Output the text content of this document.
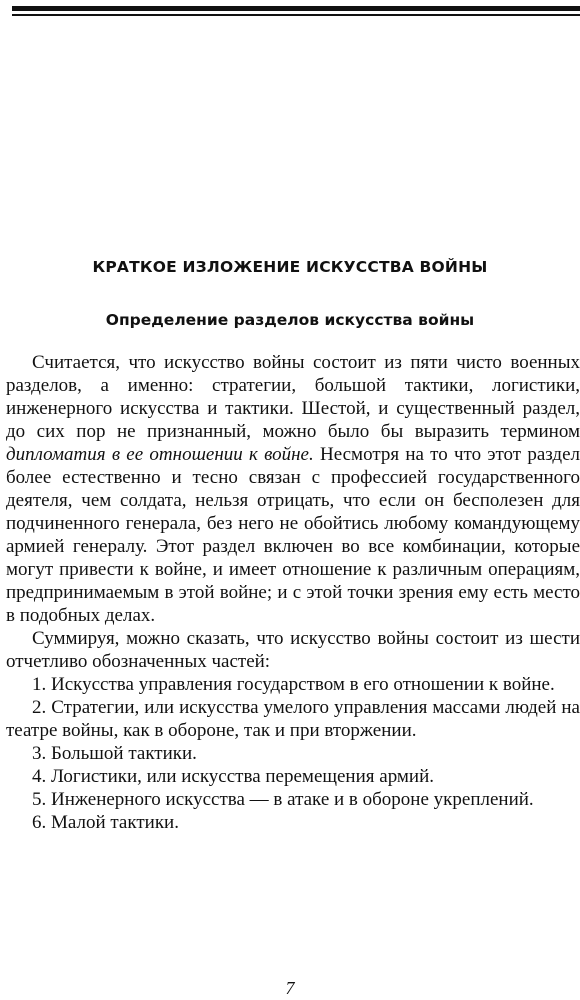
КРАТКОЕ ИЗЛОЖЕНИЕ ИСКУССТВА ВОЙНЫ
Определение разделов искусства войны

Считается, что искусство войны состоит из пяти чисто военных разделов, а именно: стратегии, большой тактики, логистики, инженерного искусства и тактики. Шестой, и существенный раздел, до сих пор не признанный, можно было бы выразить термином дипломатия в ее отношении к войне. Несмотря на то что этот раздел более естественно и тесно связан с профессией государственного деятеля, чем солдата, нельзя отрицать, что если он бесполезен для подчиненного генерала, без него не обойтись любому командующему армией генералу. Этот раздел включен во все комбинации, которые могут привести к войне, и имеет отношение к различным операциям, предпринимаемым в этой войне; и с этой точки зрения ему есть место в подобных делах.

Суммируя, можно сказать, что искусство войны состоит из шести отчетливо обозначенных частей:

1. Искусства управления государством в его отношении к войне.

2. Стратегии, или искусства умелого управления массами людей на театре войны, как в обороне, так и при вторжении.

3. Большой тактики.

4. Логистики, или искусства перемещения армий.

5. Инженерного искусства — в атаке и в обороне укреплений.

6. Малой тактики.

7
